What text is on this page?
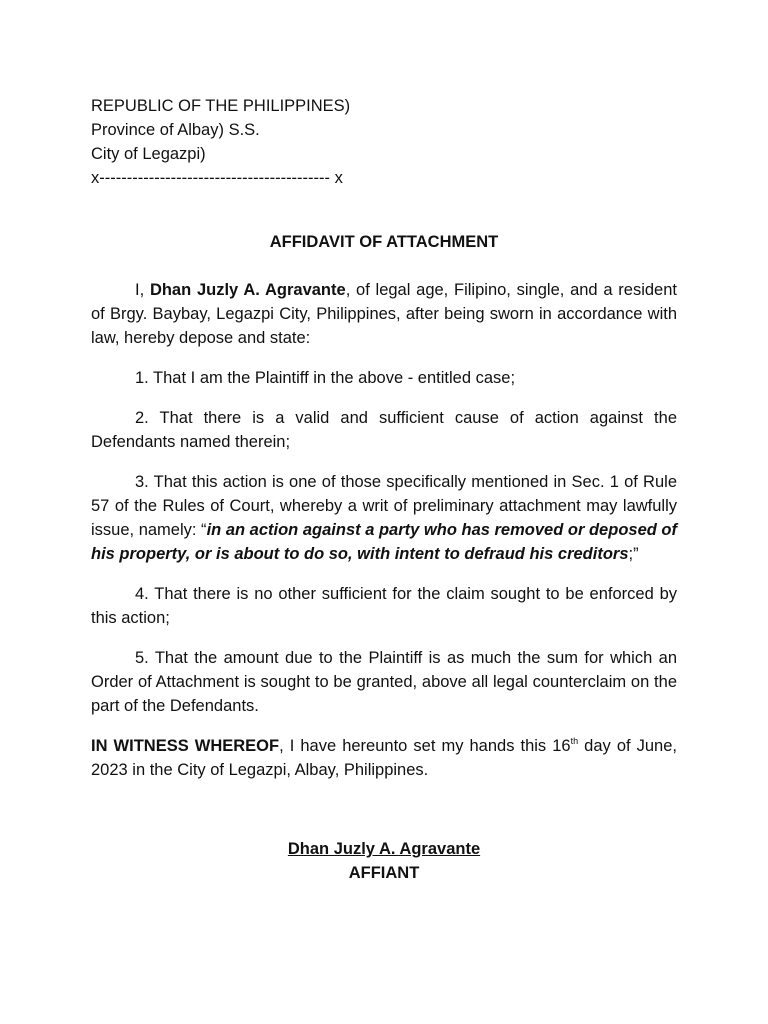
REPUBLIC OF THE PHILIPPINES)
Province of Albay) S.S.
City of Legazpi)
x------------------------------------------ x
AFFIDAVIT OF ATTACHMENT

I, Dhan Juzly A. Agravante, of legal age, Filipino, single, and a resident of Brgy. Baybay, Legazpi City, Philippines, after being sworn in accordance with law, hereby depose and state:

1. That I am the Plaintiff in the above - entitled case;

2. That there is a valid and sufficient cause of action against the Defendants named therein;

3. That this action is one of those specifically mentioned in Sec. 1 of Rule 57 of the Rules of Court, whereby a writ of preliminary attachment may lawfully issue, namely: “in an action against a party who has removed or deposed of his property, or is about to do so, with intent to defraud his creditors;”

4. That there is no other sufficient for the claim sought to be enforced by this action;

5. That the amount due to the Plaintiff is as much the sum for which an Order of Attachment is sought to be granted, above all legal counterclaim on the part of the Defendants.

IN WITNESS WHEREOF, I have hereunto set my hands this 16th day of June, 2023 in the City of Legazpi, Albay, Philippines.

Dhan Juzly A. Agravante
AFFIANT
